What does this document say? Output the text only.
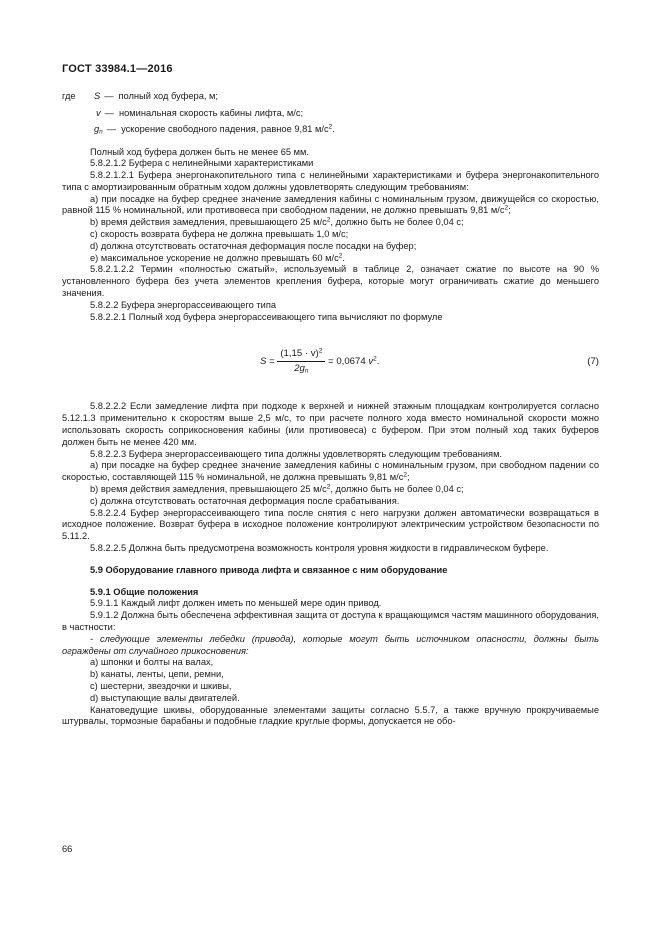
ГОСТ 33984.1—2016
где	S — полный ход буфера, м;
v — номинальная скорость кабины лифта, м/с;
$g_n$ — ускорение свободного падения, равное 9,81 $м/с^2$.

Полный ход буфера должен быть не менее 65 мм.

5.8.2.1.2 Буфера с нелинейными характеристиками

5.8.2.1.2.1 Буфера энергонакопительного типа с нелинейными характеристиками и буфера энергонакопительного типа с амортизированным обратным ходом должны удовлетворять следующим требованиям:

а) при посадке на буфер среднее значение замедления кабины с номинальным грузом, движущейся со скоростью, равной 115 % номинальной, или противовеса при свободном падении, не должно превышать 9,81 $м/с^2$;

b) время действия замедления, превышающего 25 $м/с^2$, должно быть не более 0,04 с;

с) скорость возврата буфера не должна превышать 1,0 м/с;

d) должна отсутствовать остаточная деформация после посадки на буфер;

е) максимальное ускорение не должно превышать 60 $м/с^2$.

5.8.2.1.2.2 Термин «полностью сжатый», используемый в таблице 2, означает сжатие по высоте на 90 % установленного буфера без учета элементов крепления буфера, которые могут ограничивать сжатие до меньшего значения.

5.8.2.2 Буфера энергорассеивающего типа

5.8.2.2.1 Полный ход буфера энергорассеивающего типа вычисляют по формуле

$S = \frac{(1,15 \cdot v)^2}{2g_n} = 0,0674$ $v^2$.	(7)

5.8.2.2.2 Если замедление лифта при подходе к верхней и нижней этажным площадкам контролируется согласно 5.12.1.3 применительно к скоростям выше 2,5 м/с, то при расчете полного хода вместо номинальной скорости можно использовать скорость соприкосновения кабины (или противовеса) с буфером. При этом полный ход таких буферов должен быть не менее 420 мм.

5.8.2.2.3 Буфера энергорассеивающего типа должны удовлетворять следующим требованиям.

а) при посадке на буфер среднее значение замедления кабины с номинальным грузом, при свободном падении со скоростью, составляющей 115 % номинальной, не должна превышать 9,81 $м/с^2$;

b) время действия замедления, превышающего 25 $м/с^2$, должно быть не более 0,04 с;

с) должна отсутствовать остаточная деформация после срабатывания.

5.8.2.2.4 Буфер энергорассеивающего типа после снятия с него нагрузки должен автоматически возвращаться в исходное положение. Возврат буфера в исходное положение контролируют электрическим устройством безопасности по 5.11.2.

5.8.2.2.5 Должна быть предусмотрена возможность контроля уровня жидкости в гидравлическом буфере.

5.9 Оборудование главного привода лифта и связанное с ним оборудование

5.9.1 Общие положения

5.9.1.1 Каждый лифт должен иметь по меньшей мере один привод.

5.9.1.2 Должна быть обеспечена эффективная защита от доступа к вращающимся частям машинного оборудования, в частности:

- следующие элементы лебедки (привода), которые могут быть источником опасности, должны быть ограждены от случайного прикосновения:

а) шпонки и болты на валах,

b) канаты, ленты, цепи, ремни,

с) шестерни, звездочки и шкивы,

d) выступающие валы двигателей.

Канатоведущие шкивы, оборудованные элементами защиты согласно 5.5.7, а также вручную прокручиваемые штурвалы, тормозные барабаны и подобные гладкие круглые формы, допускается не обо-

66
